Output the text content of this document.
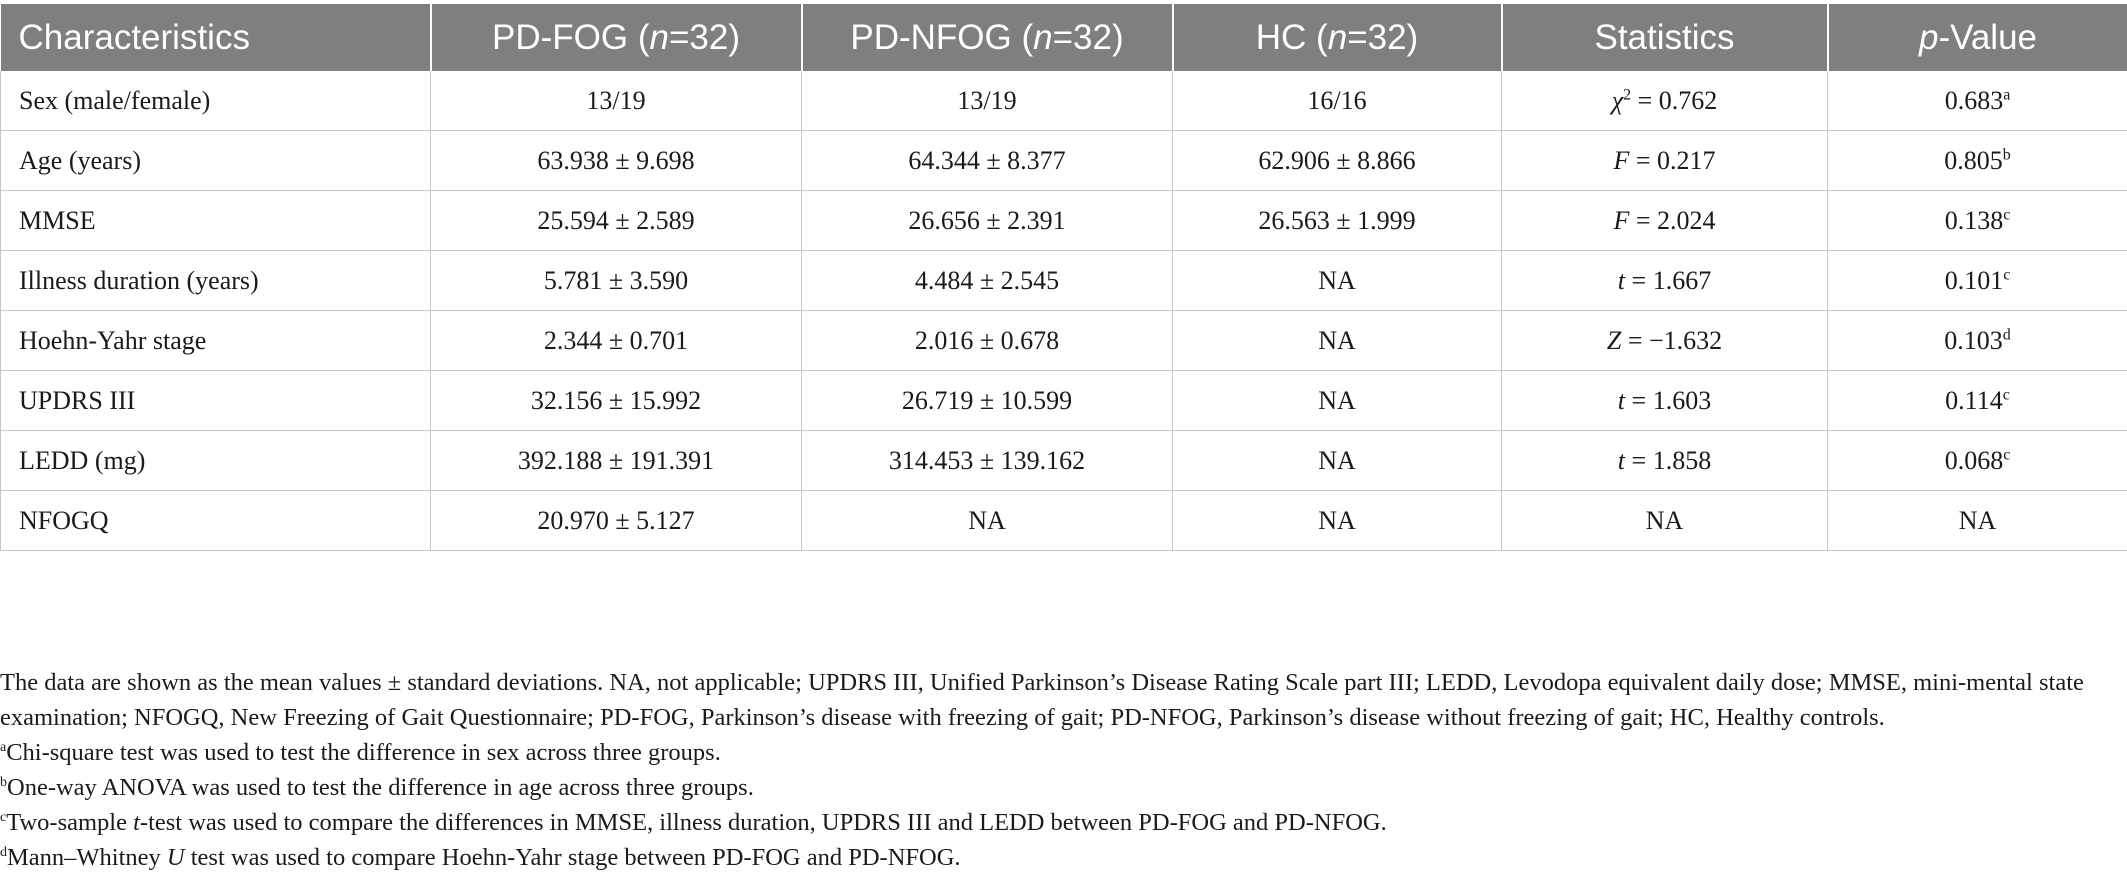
Characteristics	PD-FOG (n=32)	PD-NFOG (n=32)	HC (n=32)	Statistics	p-Value
Sex (male/female)	13/19	13/19	16/16	$\chi^2 = 0.762$	0.683$^a$
Age (years)	63.938 ± 9.698	64.344 ± 8.377	62.906 ± 8.866	F = 0.217	0.805$^b$
MMSE	25.594 ± 2.589	26.656 ± 2.391	26.563 ± 1.999	F = 2.024	0.138$^c$
Illness duration (years)	5.781 ± 3.590	4.484 ± 2.545	NA	t = 1.667	0.101$^c$
Hoehn-Yahr stage	2.344 ± 0.701	2.016 ± 0.678	NA	Z = −1.632	0.103$^d$
UPDRS III	32.156 ± 15.992	26.719 ± 10.599	NA	t = 1.603	0.114$^c$
LEDD (mg)	392.188 ± 191.391	314.453 ± 139.162	NA	t = 1.858	0.068$^c$
NFOGQ	20.970 ± 5.127	NA	NA	NA	NA

The data are shown as the mean values ± standard deviations. NA, not applicable; UPDRS III, Unified Parkinson’s Disease Rating Scale part III; LEDD, Levodopa equivalent daily dose; MMSE, mini-mental state examination; NFOGQ, New Freezing of Gait Questionnaire; PD-FOG, Parkinson’s disease with freezing of gait; PD-NFOG, Parkinson’s disease without freezing of gait; HC, Healthy controls.

$^a$Chi-square test was used to test the difference in sex across three groups.

$^b$One-way ANOVA was used to test the difference in age across three groups.

$^c$Two-sample t-test was used to compare the differences in MMSE, illness duration, UPDRS III and LEDD between PD-FOG and PD-NFOG.

$^d$Mann–Whitney U test was used to compare Hoehn-Yahr stage between PD-FOG and PD-NFOG.
